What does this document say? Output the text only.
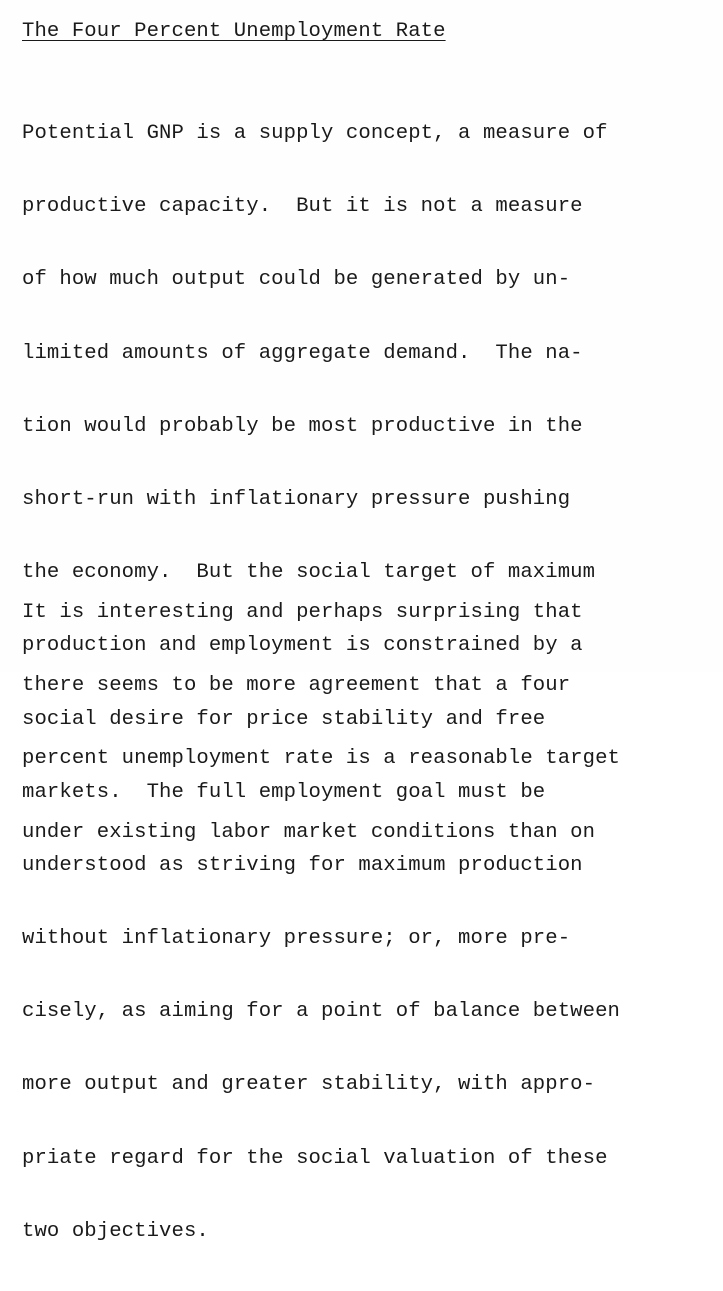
The Four Percent Unemployment Rate

Potential GNP is a supply concept, a measure of

productive capacity.  But it is not a measure

of how much output could be generated by un-

limited amounts of aggregate demand.  The na-

tion would probably be most productive in the

short-run with inflationary pressure pushing

the economy.  But the social target of maximum

production and employment is constrained by a

social desire for price stability and free

markets.  The full employment goal must be

understood as striving for maximum production

without inflationary pressure; or, more pre-

cisely, as aiming for a point of balance between

more output and greater stability, with appro-

priate regard for the social valuation of these

two objectives.

It is interesting and perhaps surprising that

there seems to be more agreement that a four

percent unemployment rate is a reasonable target

under existing labor market conditions than on
